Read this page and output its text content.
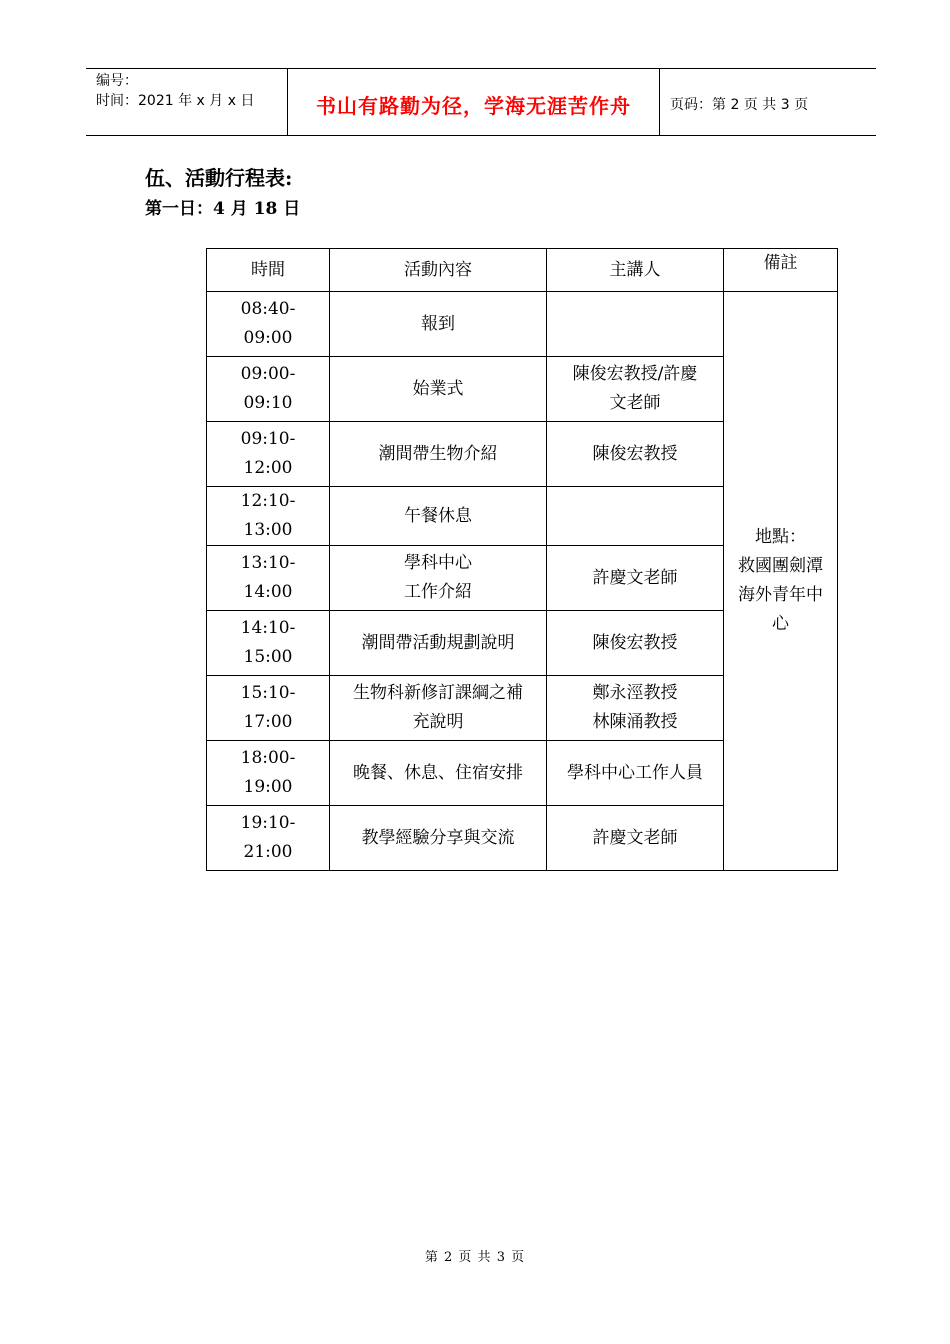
编号：
时间：2021 年 x 月 x 日	书山有路勤为径，学海无涯苦作舟	页码：第 2 页 共 3 页
伍、活動行程表:
第一日：4 月 18 日
時間	活動內容	主講人	備註

08:40-
09:00	報到		地點：
救國團劍潭
海外青年中
心

09:00-
09:10	始業式	陳俊宏教授/許慶
文老師	

09:10-
12:00	潮間帶生物介紹	陳俊宏教授	

12:10-
13:00	午餐休息		

13:10-
14:00	學科中心
工作介紹	許慶文老師	

14:10-
15:00	潮間帶活動規劃說明	陳俊宏教授	

15:10-
17:00	生物科新修訂課綱之補
充說明	鄭永涇教授
林陳涌教授	

18:00-
19:00	晚餐、休息、住宿安排	學科中心工作人員	

19:10-
21:00	教學經驗分享與交流	許慶文老師	
第 2 页 共 3 页
